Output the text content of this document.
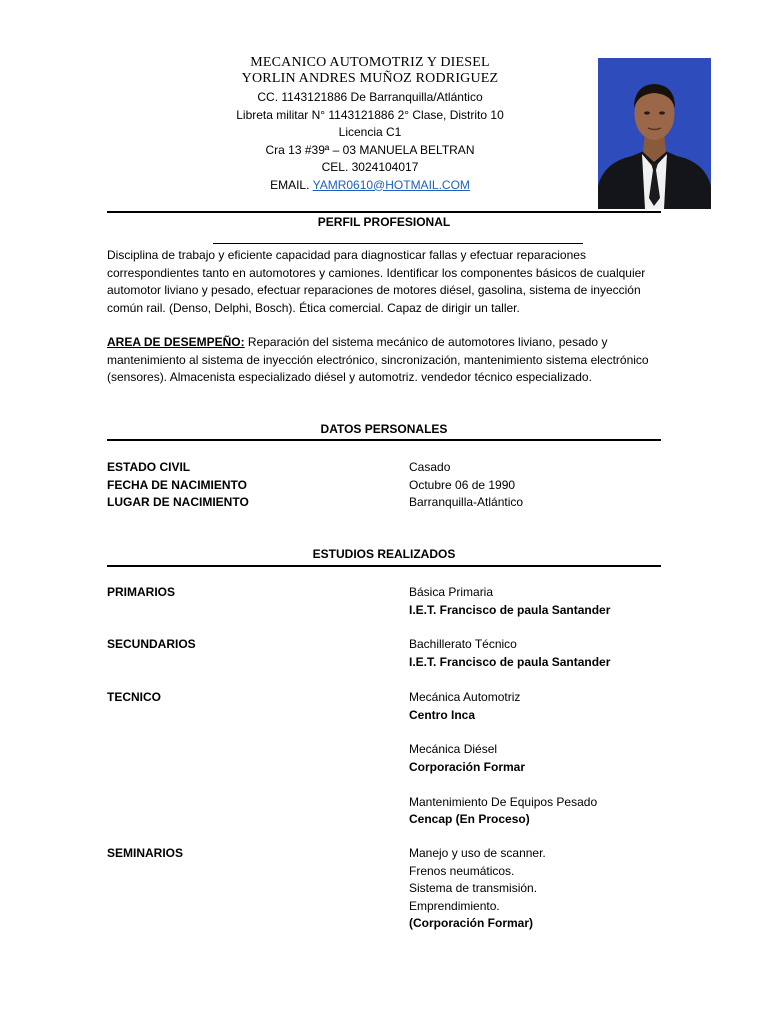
MECANICO AUTOMOTRIZ Y DIESEL
YORLIN ANDRES MUÑOZ RODRIGUEZ
CC. 1143121886 De Barranquilla/Atlántico
Libreta militar N° 1143121886 2° Clase, Distrito 10
Licencia C1
Cra 13 #39ª – 03 MANUELA BELTRAN
CEL. 3024104017
EMAIL. YAMR0610@HOTMAIL.COM
PERFIL PROFESIONAL
Disciplina de trabajo y eficiente capacidad para diagnosticar fallas y efectuar reparaciones correspondientes tanto en automotores y camiones. Identificar los componentes básicos de cualquier automotor liviano y pesado, efectuar reparaciones de motores diésel, gasolina, sistema de inyección común rail. (Denso, Delphi, Bosch). Ética comercial. Capaz de dirigir un taller.
AREA DE DESEMPEÑO: Reparación del sistema mecánico de automotores liviano, pesado y mantenimiento al sistema de inyección electrónico, sincronización, mantenimiento sistema electrónico (sensores). Almacenista especializado diésel y automotriz. vendedor técnico especializado.
DATOS PERSONALES
ESTADO CIVIL	Casado
FECHA DE NACIMIENTO	Octubre 06 de 1990
LUGAR DE NACIMIENTO	Barranquilla-Atlántico
ESTUDIOS REALIZADOS
PRIMARIOS	Básica Primaria
I.E.T. Francisco de paula Santander
SECUNDARIOS	Bachillerato Técnico
I.E.T. Francisco de paula Santander
TECNICO	Mecánica Automotriz
Centro Inca
Mecánica Diésel
Corporación Formar
Mantenimiento De Equipos Pesado
Cencap (En Proceso)
SEMINARIOS	Manejo y uso de scanner.
Frenos neumáticos.
Sistema de transmisión.
Emprendimiento.
(Corporación Formar)
